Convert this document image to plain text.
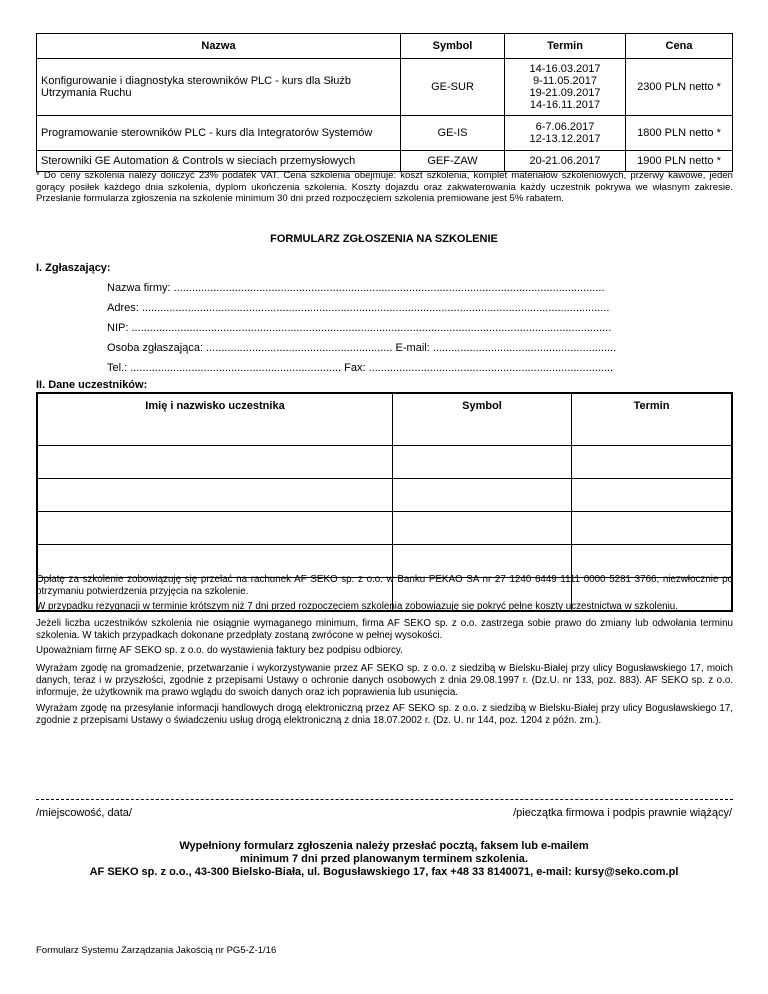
Nazwa	Symbol	Termin	Cena
Konfigurowanie i diagnostyka sterowników PLC - kurs dla Służb Utrzymania Ruchu	GE-SUR	14-16.03.2017
9-11.05.2017
19-21.09.2017
14-16.11.2017	2300 PLN netto *
Programowanie sterowników PLC - kurs dla Integratorów Systemów	GE-IS	6-7.06.2017
12-13.12.2017	1800 PLN netto *
Sterowniki GE Automation & Controls w sieciach przemysłowych	GEF-ZAW	20-21.06.2017	1900 PLN netto *
* Do ceny szkolenia należy doliczyć 23% podatek VAT. Cena szkolenia obejmuje: koszt szkolenia, komplet materiałów szkoleniowych, przerwy kawowe, jeden gorący posiłek każdego dnia szkolenia, dyplom ukończenia szkolenia. Koszty dojazdu oraz zakwaterowania każdy uczestnik pokrywa we własnym zakresie. Przesłanie formularza zgłoszenia na szkolenie minimum 30 dni przed rozpoczęciem szkolenia premiowane jest 5% rabatem.
FORMULARZ ZGŁOSZENIA NA SZKOLENIE
I. Zgłaszający:
Nazwa firmy: .............................................................................................................................................
Adres: .........................................................................................................................................................
NIP: .............................................................................................................................................................
Osoba zgłaszająca: ............................................................. E-mail: ............................................................
Tel.: ..................................................................... Fax: ................................................................................
II. Dane uczestników:
Imię i nazwisko uczestnika	Symbol	Termin

Opłatę za szkolenie zobowiązuję się przelać na rachunek AF SEKO sp. z o.o. w Banku PEKAO SA nr 27 1240 6449 1111 0000 5281 3766, niezwłocznie po otrzymaniu potwierdzenia przyjęcia na szkolenie.
W przypadku rezygnacji w terminie krótszym niż 7 dni przed rozpoczęciem szkolenia zobowiązuję się pokryć pełne koszty uczestnictwa w szkoleniu.
Jeżeli liczba uczestników szkolenia nie osiągnie wymaganego minimum, firma AF SEKO sp. z o.o. zastrzega sobie prawo do zmiany lub odwołania terminu szkolenia. W takich przypadkach dokonane przedpłaty zostaną zwrócone w pełnej wysokości.
Upoważniam firmę AF SEKO sp. z o.o. do wystawienia faktury bez podpisu odbiorcy.
Wyrażam zgodę na gromadzenie, przetwarzanie i wykorzystywanie przez AF SEKO sp. z o.o. z siedzibą w Bielsku-Białej przy ulicy Bogusławskiego 17, moich danych, teraz i w przyszłości, zgodnie z przepisami Ustawy o ochronie danych osobowych z dnia 29.08.1997 r. (Dz.U. nr 133, poz. 883). AF SEKO sp. z o.o. informuje, że użytkownik ma prawo wglądu do swoich danych oraz ich poprawienia lub usunięcia.
Wyrażam zgodę na przesyłanie informacji handlowych drogą elektroniczną przez AF SEKO sp. z o.o. z siedzibą w Bielsku-Białej przy ulicy Bogusławskiego 17, zgodnie z przepisami Ustawy o świadczeniu usług drogą elektroniczną z dnia 18.07.2002 r. (Dz. U. nr 144, poz. 1204 z późn. zm.).
/miejscowość, data/	/pieczątka firmowa i podpis prawnie wiążący/
Wypełniony formularz zgłoszenia należy przesłać pocztą, faksem lub e-mailem
minimum 7 dni przed planowanym terminem szkolenia.
AF SEKO sp. z o.o., 43-300 Bielsko-Biała, ul. Bogusławskiego 17, fax +48 33 8140071, e-mail: kursy@seko.com.pl
Formularz Systemu Zarządzania Jakością nr PG5-Z-1/16
